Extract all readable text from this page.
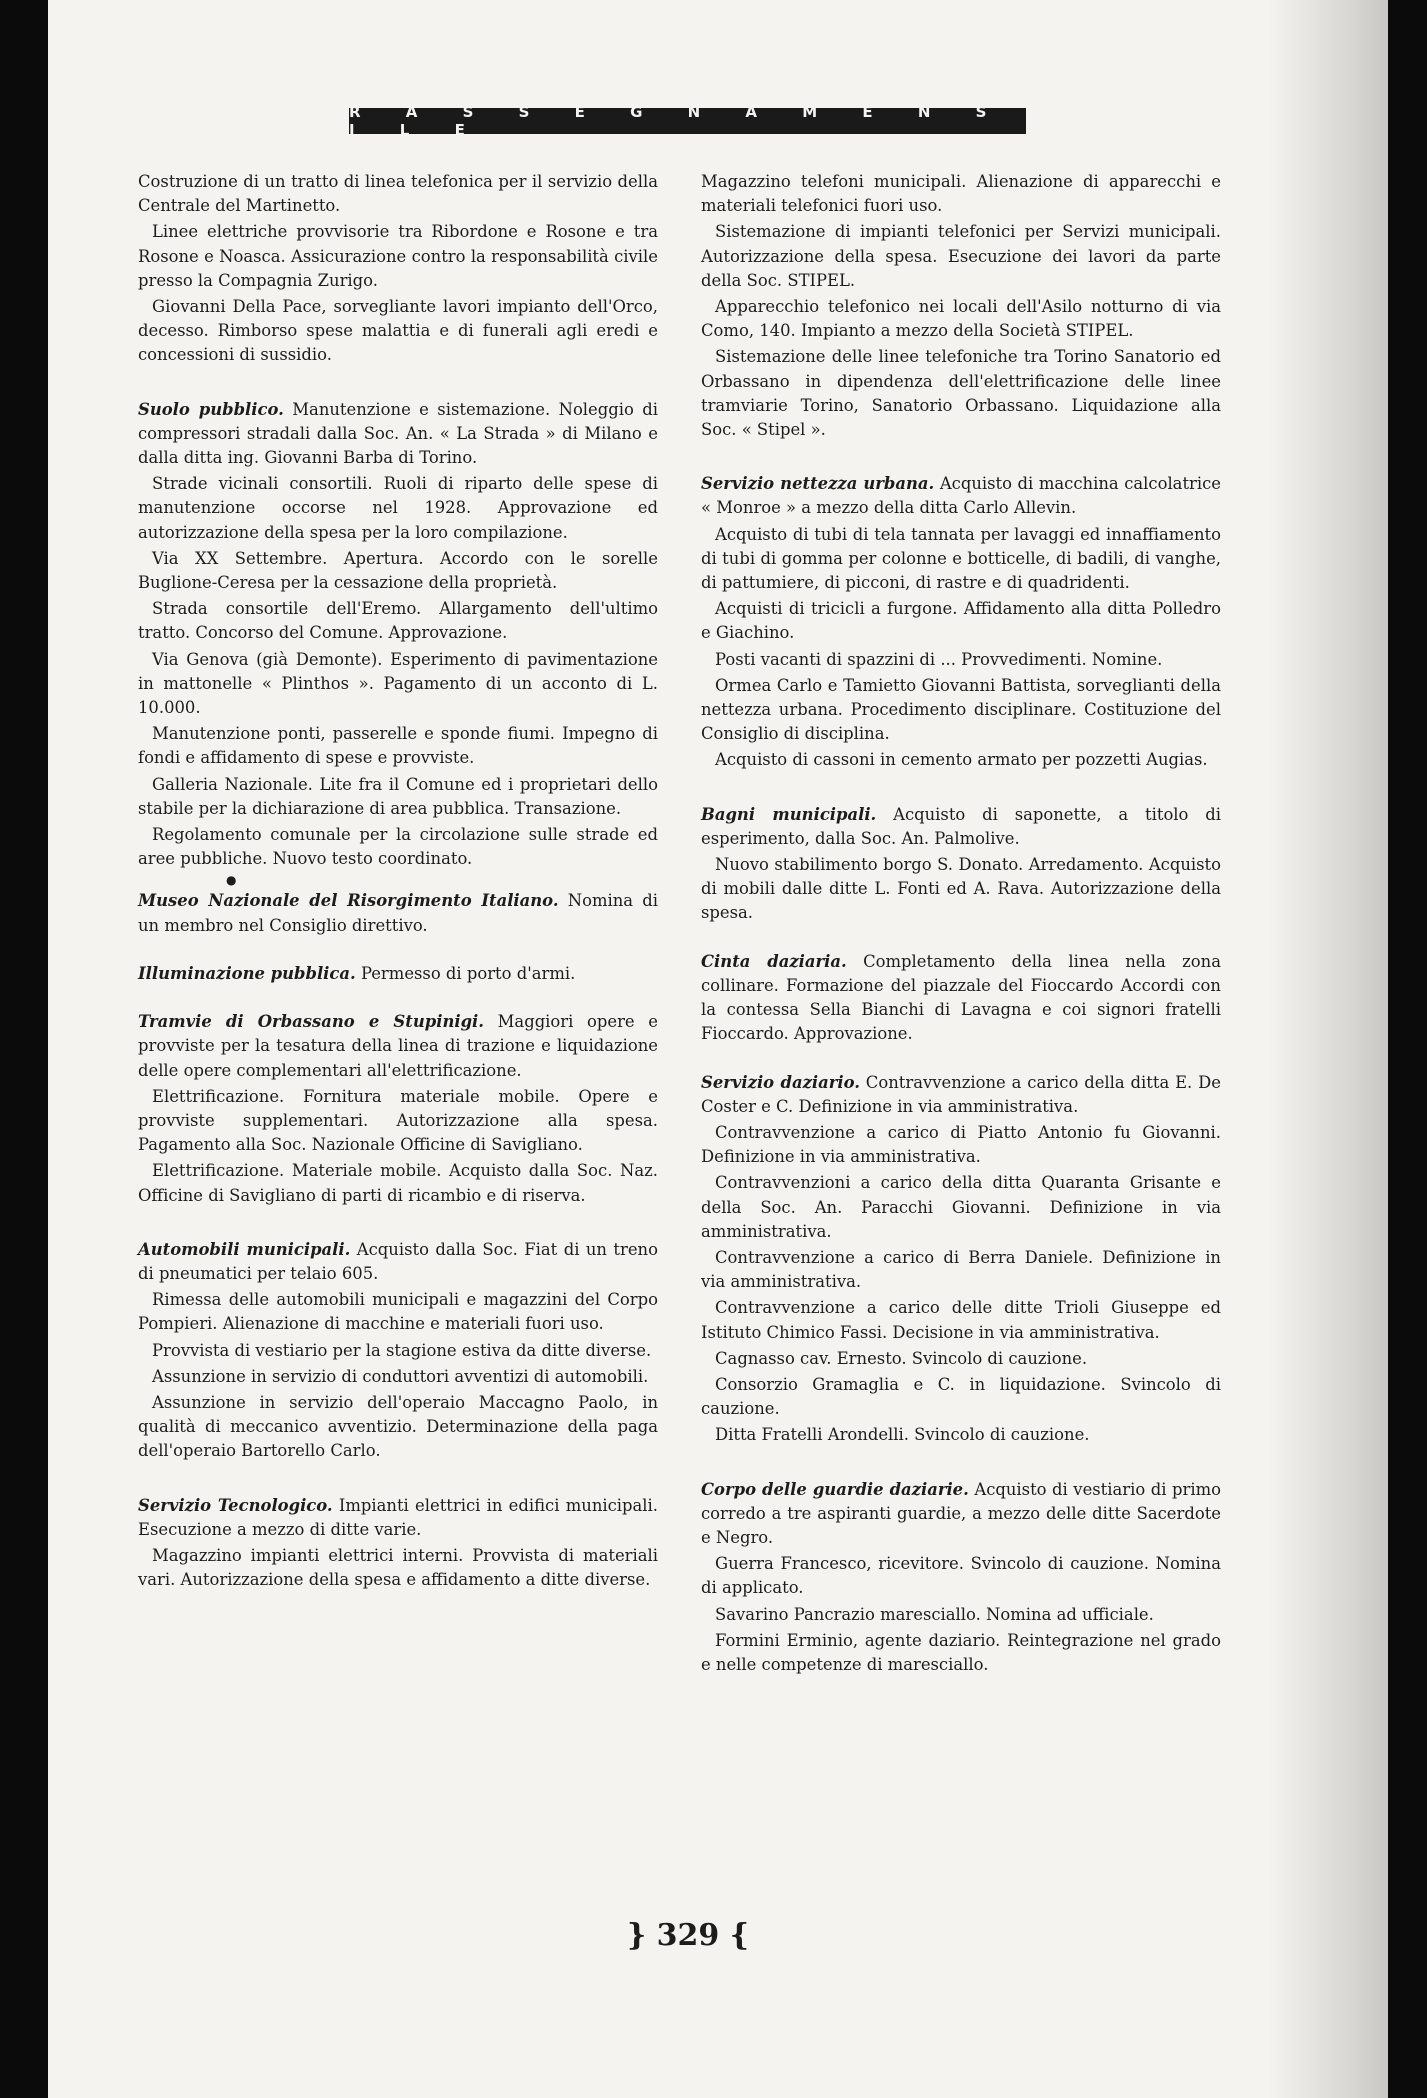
R A S S E G N A M E N S I L E

Costruzione di un tratto di linea telefonica per il servizio della Centrale del Martinetto.

Linee elettriche provvisorie tra Ribordone e Rosone e tra Rosone e Noasca. Assicurazione contro la responsabilità civile presso la Compagnia Zurigo.

Giovanni Della Pace, sorvegliante lavori impianto dell'Orco, decesso. Rimborso spese malattia e di funerali agli eredi e concessioni di sussidio.

Suolo pubblico. Manutenzione e sistemazione. Noleggio di compressori stradali dalla Soc. An. « La Strada » di Milano e dalla ditta ing. Giovanni Barba di Torino.

Strade vicinali consortili. Ruoli di riparto delle spese di manutenzione occorse nel 1928. Approvazione ed autorizzazione della spesa per la loro compilazione.

Via XX Settembre. Apertura. Accordo con le sorelle Buglione-Ceresa per la cessazione della proprietà.

Strada consortile dell'Eremo. Allargamento dell'ultimo tratto. Concorso del Comune. Approvazione.

Via Genova (già Demonte). Esperimento di pavimentazione in mattonelle « Plinthos ». Pagamento di un acconto di L. 10.000.

Manutenzione ponti, passerelle e sponde fiumi. Impegno di fondi e affidamento di spese e provviste.

Galleria Nazionale. Lite fra il Comune ed i proprietari dello stabile per la dichiarazione di area pubblica. Transazione.

Regolamento comunale per la circolazione sulle strade ed aree pubbliche. Nuovo testo coordinato.

●

Museo Nazionale del Risorgimento Italiano. Nomina di un membro nel Consiglio direttivo.

Illuminazione pubblica. Permesso di porto d'armi.

Tramvie di Orbassano e Stupinigi. Maggiori opere e provviste per la tesatura della linea di trazione e liquidazione delle opere complementari all'elettrificazione.

Elettrificazione. Fornitura materiale mobile. Opere e provviste supplementari. Autorizzazione alla spesa. Pagamento alla Soc. Nazionale Officine di Savigliano.

Elettrificazione. Materiale mobile. Acquisto dalla Soc. Naz. Officine di Savigliano di parti di ricambio e di riserva.

Automobili municipali. Acquisto dalla Soc. Fiat di un treno di pneumatici per telaio 605.

Rimessa delle automobili municipali e magazzini del Corpo Pompieri. Alienazione di macchine e materiali fuori uso.

Provvista di vestiario per la stagione estiva da ditte diverse.

Assunzione in servizio di conduttori avventizi di automobili.

Assunzione in servizio dell'operaio Maccagno Paolo, in qualità di meccanico avventizio. Determinazione della paga dell'operaio Bartorello Carlo.

Servizio Tecnologico. Impianti elettrici in edifici municipali. Esecuzione a mezzo di ditte varie.

Magazzino impianti elettrici interni. Provvista di materiali vari. Autorizzazione della spesa e affidamento a ditte diverse.

Magazzino telefoni municipali. Alienazione di apparecchi e materiali telefonici fuori uso.

Sistemazione di impianti telefonici per Servizi municipali. Autorizzazione della spesa. Esecuzione dei lavori da parte della Soc. STIPEL.

Apparecchio telefonico nei locali dell'Asilo notturno di via Como, 140. Impianto a mezzo della Società STIPEL.

Sistemazione delle linee telefoniche tra Torino Sanatorio ed Orbassano in dipendenza dell'elettrificazione delle linee tramviarie Torino, Sanatorio Orbassano. Liquidazione alla Soc. « Stipel ».

Servizio nettezza urbana. Acquisto di macchina calcolatrice « Monroe » a mezzo della ditta Carlo Allevin.

Acquisto di tubi di tela tannata per lavaggi ed innaffiamento di tubi di gomma per colonne e botticelle, di badili, di vanghe, di pattumiere, di picconi, di rastre e di quadridenti.

Acquisti di tricicli a furgone. Affidamento alla ditta Polledro e Giachino.

Posti vacanti di spazzini di ... Provvedimenti. Nomine.

Ormea Carlo e Tamietto Giovanni Battista, sorveglianti della nettezza urbana. Procedimento disciplinare. Costituzione del Consiglio di disciplina.

Acquisto di cassoni in cemento armato per pozzetti Augias.

Bagni municipali. Acquisto di saponette, a titolo di esperimento, dalla Soc. An. Palmolive.

Nuovo stabilimento borgo S. Donato. Arredamento. Acquisto di mobili dalle ditte L. Fonti ed A. Rava. Autorizzazione della spesa.

Cinta daziaria. Completamento della linea nella zona collinare. Formazione del piazzale del Fioccardo Accordi con la contessa Sella Bianchi di Lavagna e coi signori fratelli Fioccardo. Approvazione.

Servizio daziario. Contravvenzione a carico della ditta E. De Coster e C. Definizione in via amministrativa.

Contravvenzione a carico di Piatto Antonio fu Giovanni. Definizione in via amministrativa.

Contravvenzioni a carico della ditta Quaranta Grisante e della Soc. An. Paracchi Giovanni. Definizione in via amministrativa.

Contravvenzione a carico di Berra Daniele. Definizione in via amministrativa.

Contravvenzione a carico delle ditte Trioli Giuseppe ed Istituto Chimico Fassi. Decisione in via amministrativa.

Cagnasso cav. Ernesto. Svincolo di cauzione.

Consorzio Gramaglia e C. in liquidazione. Svincolo di cauzione.

Ditta Fratelli Arondelli. Svincolo di cauzione.

Corpo delle guardie daziarie. Acquisto di vestiario di primo corredo a tre aspiranti guardie, a mezzo delle ditte Sacerdote e Negro.

Guerra Francesco, ricevitore. Svincolo di cauzione. Nomina di applicato.

Savarino Pancrazio maresciallo. Nomina ad ufficiale.

Formini Erminio, agente daziario. Reintegrazione nel grado e nelle competenze di maresciallo.

} 329 {
